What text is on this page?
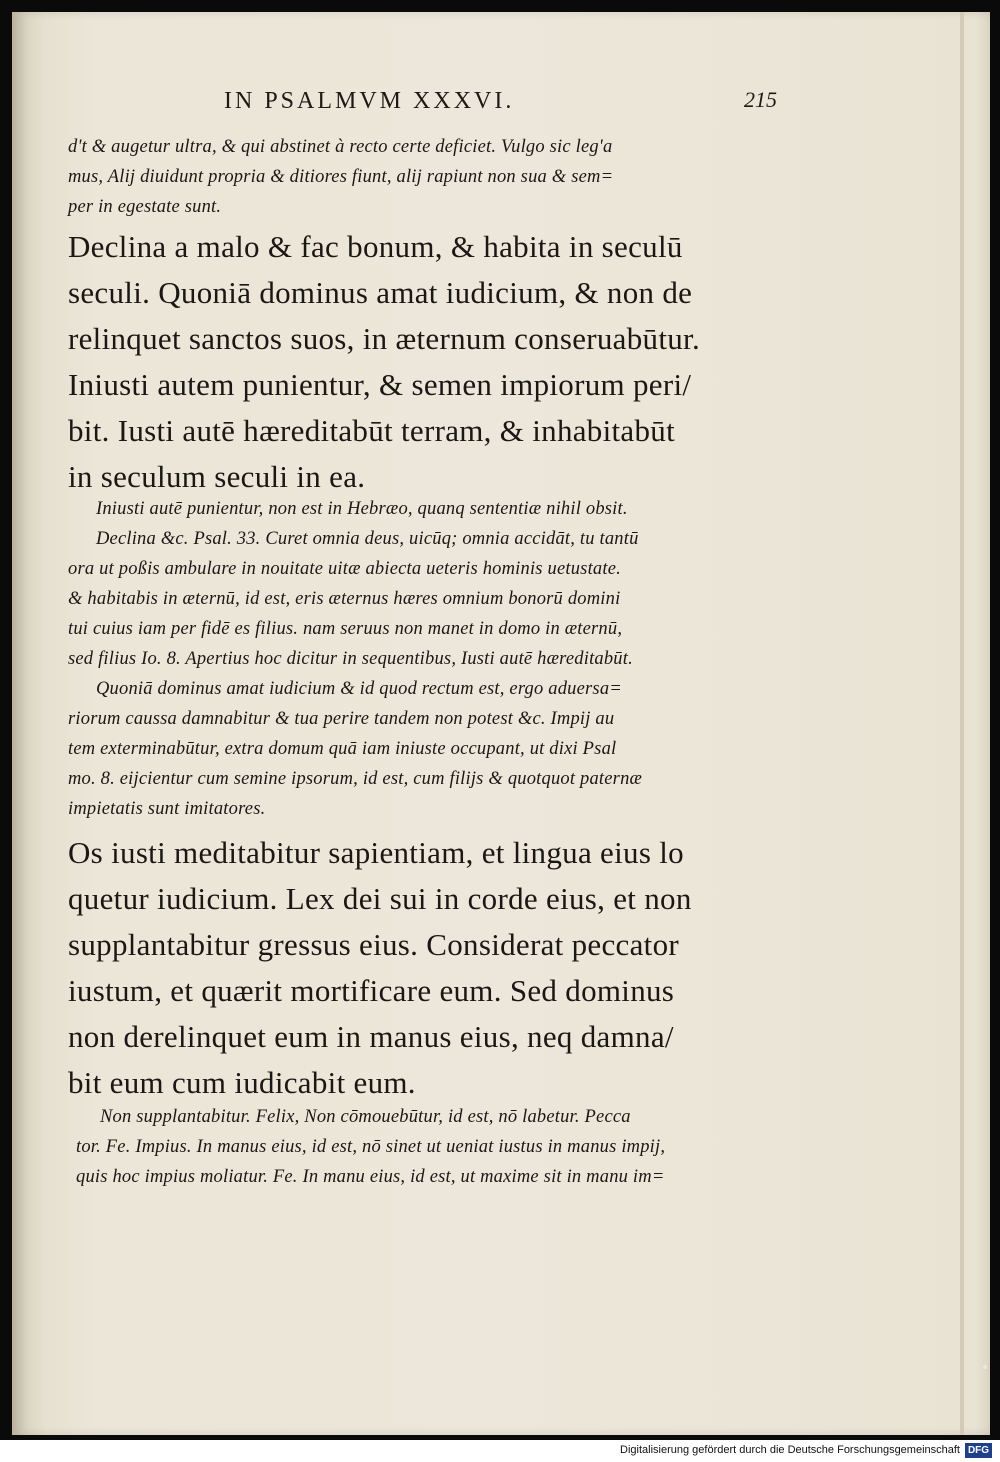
IN PSALMVM XXXVI.	215
d't & augetur ultra, & qui abstinet à recto certe deficiet. Vulgo sic leg'a
mus, Alij diuidunt propria & ditiores fiunt, alij rapiunt non sua & sem=
per in egestate sunt.
Declina a malo & fac bonum, & habita in seculū
seculi. Quoniā dominus amat iudicium, & non de
relinquet sanctos suos, in æternum conseruabūtur.
Iniusti autem punientur, & semen impiorum peri/
bit. Iusti autē hæreditabūt terram, & inhabitabūt
in seculum seculi in ea.
Iniusti autē punientur, non est in Hebræo, quanq sententiæ nihil obsit.
Declina &c. Psal. 33. Curet omnia deus, uicūq; omnia accidāt, tu tantū
ora ut poßis ambulare in nouitate uitæ abiecta ueteris hominis uetustate.
& habitabis in æternū, id est, eris æternus hæres omnium bonorū domini
tui cuius iam per fidē es filius. nam seruus non manet in domo in æternū,
sed filius Io. 8. Apertius hoc dicitur in sequentibus, Iusti autē hæreditabūt.
Quoniā dominus amat iudicium & id quod rectum est, ergo aduersa=
riorum caussa damnabitur & tua perire tandem non potest &c. Impij au
tem exterminabūtur, extra domum quā iam iniuste occupant, ut dixi Psal
mo. 8. eijcientur cum semine ipsorum, id est, cum filijs & quotquot paternæ
impietatis sunt imitatores.
Os iusti meditabitur sapientiam, et lingua eius lo
quetur iudicium. Lex dei sui in corde eius, et non
supplantabitur gressus eius. Considerat peccator
iustum, et quærit mortificare eum. Sed dominus
non derelinquet eum in manus eius, neq damna/
bit eum cum iudicabit eum.
Non supplantabitur. Felix, Non cōmouebūtur, id est, nō labetur. Pecca
tor. Fe. Impius. In manus eius, id est, nō sinet ut ueniat iustus in manus impij,
quis hoc impius moliatur. Fe. In manu eius, id est, ut maxime sit in manu im=
Digitalisierung gefördert durch die Deutsche Forschungsgemeinschaft DFG
